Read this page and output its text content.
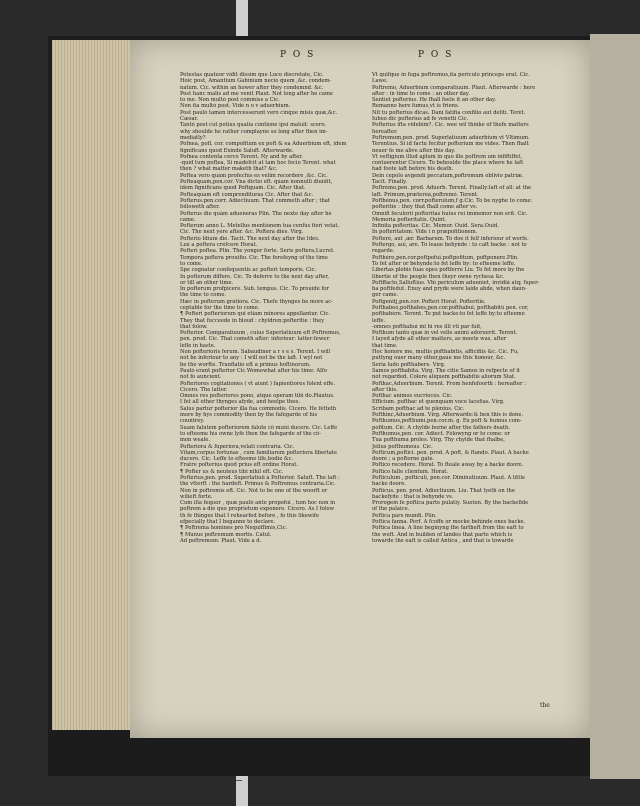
P O S	P O S
Potestas quatuor vidit dissim que Luce discretate, Cic.
Hoic post, Amantium Gabinium necio quem ,&c. condem-
natum. Cic. within an hower after they condemnd. &c.
Post hanc malis ad me venit Plaut. Not long after he came
to me. Non multò post commiss a Cic.
Non ita multò post. Vide n o v aduerbium.
Post paulò tamen intercesserunt vero cinque misis quæ,&c.
Cæsar.
Tantò post cut potius qualia contione ipsi maluit: scero.
why shoulde he rather complayne so long after then im-
mediatly?
Pofnea, pofl. cor. compofitum ex poft & ea Aduerbium eft, idem
fignificans quod Exinde Saluft. Afterwarde.
Pofnea contenta cerco Terent. Ny and by after.
-quid tum poftea, Si madefcit at tam hoc fecio Terent. what
then ? what matter maketh that? &c.
Poftea vero quàm profecfus es velim recordere ,&c. Cic.
Pofteaquam,pen.cor. Vna dictio eft. quam nonnulli diuidit,
idem fignificans quod Poftquam. Cic. After that.
Pofteaquam eft comprendituras Cic. After that &c.
Pofterus.pen.corr. Adiectiuum. That commeth after ; that
followeth after.
Pofterus die quàm adueneras Plin. The nexte day after he
came.
Pofterum anno L. Metellus mentionem tua cenfus fieri vetat.
Cic. The next yere after. &c. Poftera dies. Virg.
Pofterio Idium die. Tacit. The next day after the Ides.
Lux a poftera crefcere Horat.
Pofteri poftea. Plin. The yonger forte. Seris poftera,Lucret.
Tempora poftera prouifio. Cic. The forefeyng of the time
to come.
Spe cognatur confequentis ac pofteri temporis. Cic.
In pofterum differe. Cic. To deferre to the next day after,
or till an other time.
In pofterum profpicere. Sub. tempus. Cic. To prouide for
the time to come.
Hæc in pofterum gratiora. Cic. Thefe thynges be more ac-
ceptable for the time to come.
¶ Pofteri pofteriorum qui etiam minores appellantur. Cic.
They that fucceede in bloud : chyldren:pofteritie : they
that folow.
Pofterior. Comparatiuum , cuius Superlatiuum eft Poftremus,
pen. prod. Cic. That cometh after: inferiour: latter:fewer:
lefle in haste.
Non pofterioris ferum. Sabaudiner a r s e s. Terent. I will
not be inferiour to any : I will not be the laft. I wyl not
be the worfte. Tranflatio eft à primus hoftinorum.
Paulò erant pofterior Cic.Womewhat after his time: Alfo
not fo auncient.
Pofteriores cogitationes ( vt aiunt ) fapientiores folent effe.
Cicero. The latter.
Omnes res pofteriores pono, atque operam tibi do.Plautus.
I fet all other thynges afyde, and heelpe thee.
Salus partur pofterior illa fua commodis. Cicero. He fetteth
more by hys commodity then by the fafegarde of his
countrey.
Suam falutem pofteriorem falute cõ muni ducere. Cic. Leffe
to efteeme his owne lyfe then the fafegarde of the cõ-
mon weale.
Pofteriora & fuperiora,velati contraria. Cic.
Vitam,corpus fortunas , cum familiarem pofteriora libertate
ducere. Cic. Leffe to efteeme life,bodie &c.
Fratre pofterius quod prius eft ordine Horat.
¶ Pofter us & neuteus tibi nihil eft. Cic.
Pofterius,pen. prod. Superlatiuii à Pofterior. Saluft. The laft :
the vtterft : the hardeft. Primus & Poftremus contraria.Cic.
Non in poftremis eft. Cic. Not to be one of the woorft or
wilieft forte.
Cum illa fequor , quæ paulò ante propofui , tum hoc non in
poftrem a die quo proprietum exponere. Cicero. As I folow
th fe thinges that I rehearfed before , fo this likewife
efpecially that I beganne to declare.
¶ Poftrema homines pro Nequiffimis,Cic.
¶ Munus poftremum mortis. Catul.
Ad poftremum. Plaut. Vide a d.
Vt quifque in fuga poftremus,ita periculo princeps erat. Cic.
Lawe.
Poftremo, Aduerbium comparatiuum. Plaut. Afterwarde : here
after : in time to come : an other day.
Sentiet pofterius. He fhall feele it an other day.
Remanno here fumus,vt is friens.
Nit tu pofterius dicas. Dani fatifia confilio aut deliti. Terét.
Iubeo dic pofterius ad fe venetti Cic.
Pofterius ifta videbim?. Cic. wee wil thinke of thefe matters
hereafter.
Poftremum,pen. prod. Superlatiuum aduerbium vt Vltimum.
Terentius. Si id factu fecitur pofterium me vides. Then fhalt
neuer fe me alive after this day.
Vt veftigium illud aplum in quo ille poftrem um infiftiffet,
contuerentur Cicero. To behoulde the place where he laft
had foote laft before his death.
Dein cepolo avgendi peccatum,poftremum oblivio patriæ.
Tacit. Finally.
Poftrémo,pen. prod. Aduerb. Terent. Finally:laft of all: at the
laft. Primum,prætereà,poftremò. Terent.
Pofthénus,pen. corr.pofterulum,f g.Cic. To be nyghe to come:
pofteritie : they that fhall come after vs.
Omnifi feculorii pofteritas huius rei immemor non erit. Cic.
Memoria pofteritatis. Quint.
Infinita pofteritas. Cic. Memor. Ouid. Sera.Ouid.
In pofteritatem. Vide i n præpofitionem.
Pofterè, aut ,ær. Barbarum. To doe it felf inferiour of worfe.
Poftergo, aui, are. To leaue behynde : to caft backe : not to
regarde.
Pofthèro,pen.cor.poftpofui.poftpofitum, poftponere.Plin.
To fet after or behynde:to fet leffe by: to efteeme leffe.
Libertas plebis fuas opes poftferre Liu. To fet more by the
libertie of the people then theyr owne rychesa &c.
Poftffacto,Salluftius. Vbi periculum adueniet, invidiã atq; fuper-
ba poftfedut. Enuy and pryde were laide abde, when daun-
ger came.
Poftgenitj,pen.cor. Pofteri Horat. Pofteritie.
Pofthabeo,pofthabes,pen.cor.pofthabui, pofthabitũ pen. cor,
pofthabère. Terent. To put backe:to fet leffe by:to efteeme
leffe.
-omnes pofthabui mi hi res illi vti par fuit,
Pofthum tanto quæ in vel velle animi adoruerit. Terent.
I layed afyde all other matters, as meete was, after
that time.
Hoc honore me, multis pofthabitis, afficifiis &c. Cic. Fu,
puttyng ouer many other,gaue me this honour, &c.
Seria ludo pofthabere. Virg.
Samos pofthabita. Virg. The citie Samos in refpecte of it
not regarded. Colere aliquem pofthabitis aliorum Stat.
Pofthac,Aduerbium. Terent. From henfefoorth : hereafter :
after this.
Pofthac animos eucrioces. Cic.
Efficium. pofthac et quenquam voce lacefias. Virg.
Scribam pofthac ad te plenius. Cic.
Pofthinc,Aduerbium. Virg. Afterwarde:& hen this is done.
Pofthumus,pofthumi.pen.cor.m. g. Ex poft & humus com-
pofitum. Cic. A chylde borne after the fathers death.
Pofthumus,pen. cor. Adiect. Folowyng or to come: or
Tua pofthuma proles. Virg. Thy chylde that fhalbe,
Jelius pofthumous. Cic.
Pofticum,poftici. pen. prod. A poft, & ftando. Plaut. A backe
doore ; a poftorne gate.
Poftico recedere. Horat. To fteale away by a backe doore.
Poftico falle clientum. Horat.
Pofticulum , pofticuli, pen.cor. Diminutiuum. Plaut. A little
backe doore.
Pofticus. pen. prod. Adiectiuum. Liu. That lyeth on the
backefyde : that is behynde vs.
Prorogem fe poftica parte pulatiy. Sueton. By the backefide
of the palaice.
Poftica pars mundi. Plin.
Poftica fanna. Perf. A fcoffe or mocke behinde ones backe.
Poftica linea. A line beginyng the fartheft from the eaft to
the weft. And in builden of landes that parte which is
towarde the eaft is called Antica , and that is towarde
the
